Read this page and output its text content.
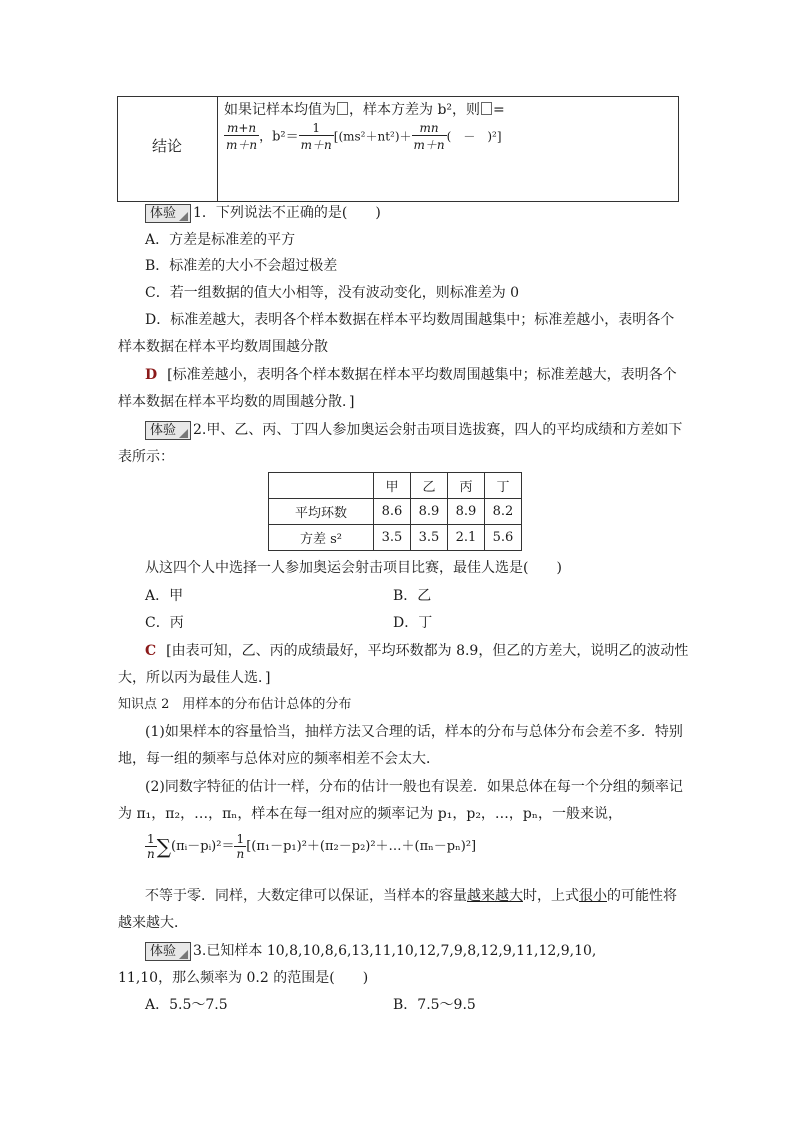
结论
如果记样本均值为 ，样本方差为 b²，则 =
$\frac{m+n}{m+n}$ ，$b^2= \frac{1}{m+n} [(ms^2+nt^2)+ \frac{mn}{m+n}$ (　－　)²]
体验 1．下列说法不正确的是(　　)
A．方差是标准差的平方
B．标准差的大小不会超过极差
C．若一组数据的值大小相等，没有波动变化，则标准差为 0
D．标准差越大，表明各个样本数据在样本平均数周围越集中；标准差越小，表明各个
样本数据在样本平均数周围越分散
D [标准差越小，表明各个样本数据在样本平均数周围越集中；标准差越大，表明各个
样本数据在样本平均数的周围越分散．]
体验 2.甲、乙、丙、丁四人参加奥运会射击项目选拔赛，四人的平均成绩和方差如下
表所示：
	甲	乙	丙	丁
平均环数	8.6	8.9	8.9	8.2
方差 s²	3.5	3.5	2.1	5.6
从这四个人中选择一人参加奥运会射击项目比赛，最佳人选是(　　)
A．甲	B．乙
C．丙	D．丁
C [由表可知，乙、丙的成绩最好，平均环数都为 8.9，但乙的方差大，说明乙的波动性
大，所以丙为最佳人选．]
知识点 2　用样本的分布估计总体的分布
(1)如果样本的容量恰当，抽样方法又合理的话，样本的分布与总体分布会差不多．特别
地，每一组的频率与总体对应的频率相差不会太大．
(2)同数字特征的估计一样，分布的估计一般也有误差．如果总体在每一个分组的频率记
为 π₁，π₂，…，πₙ，样本在每一组对应的频率记为 p₁，p₂，…，pₙ，一般来说，
$\frac{1}{n}$ ∑(πᵢ－pᵢ)²＝ $\frac{1}{n}$ [(π₁－p₁)²＋(π₂－p₂)²＋…＋(πₙ－pₙ)²]
不等于零．同样，大数定律可以保证，当样本的容量越来越大时，上式很小的可能性将
越来越大．
体验 3.已知样本 10,8,10,8,6,13,11,10,12,7,9,8,12,9,11,12,9,10,
11,10，那么频率为 0.2 的范围是(　　)
A．5.5～7.5	B．7.5～9.5
